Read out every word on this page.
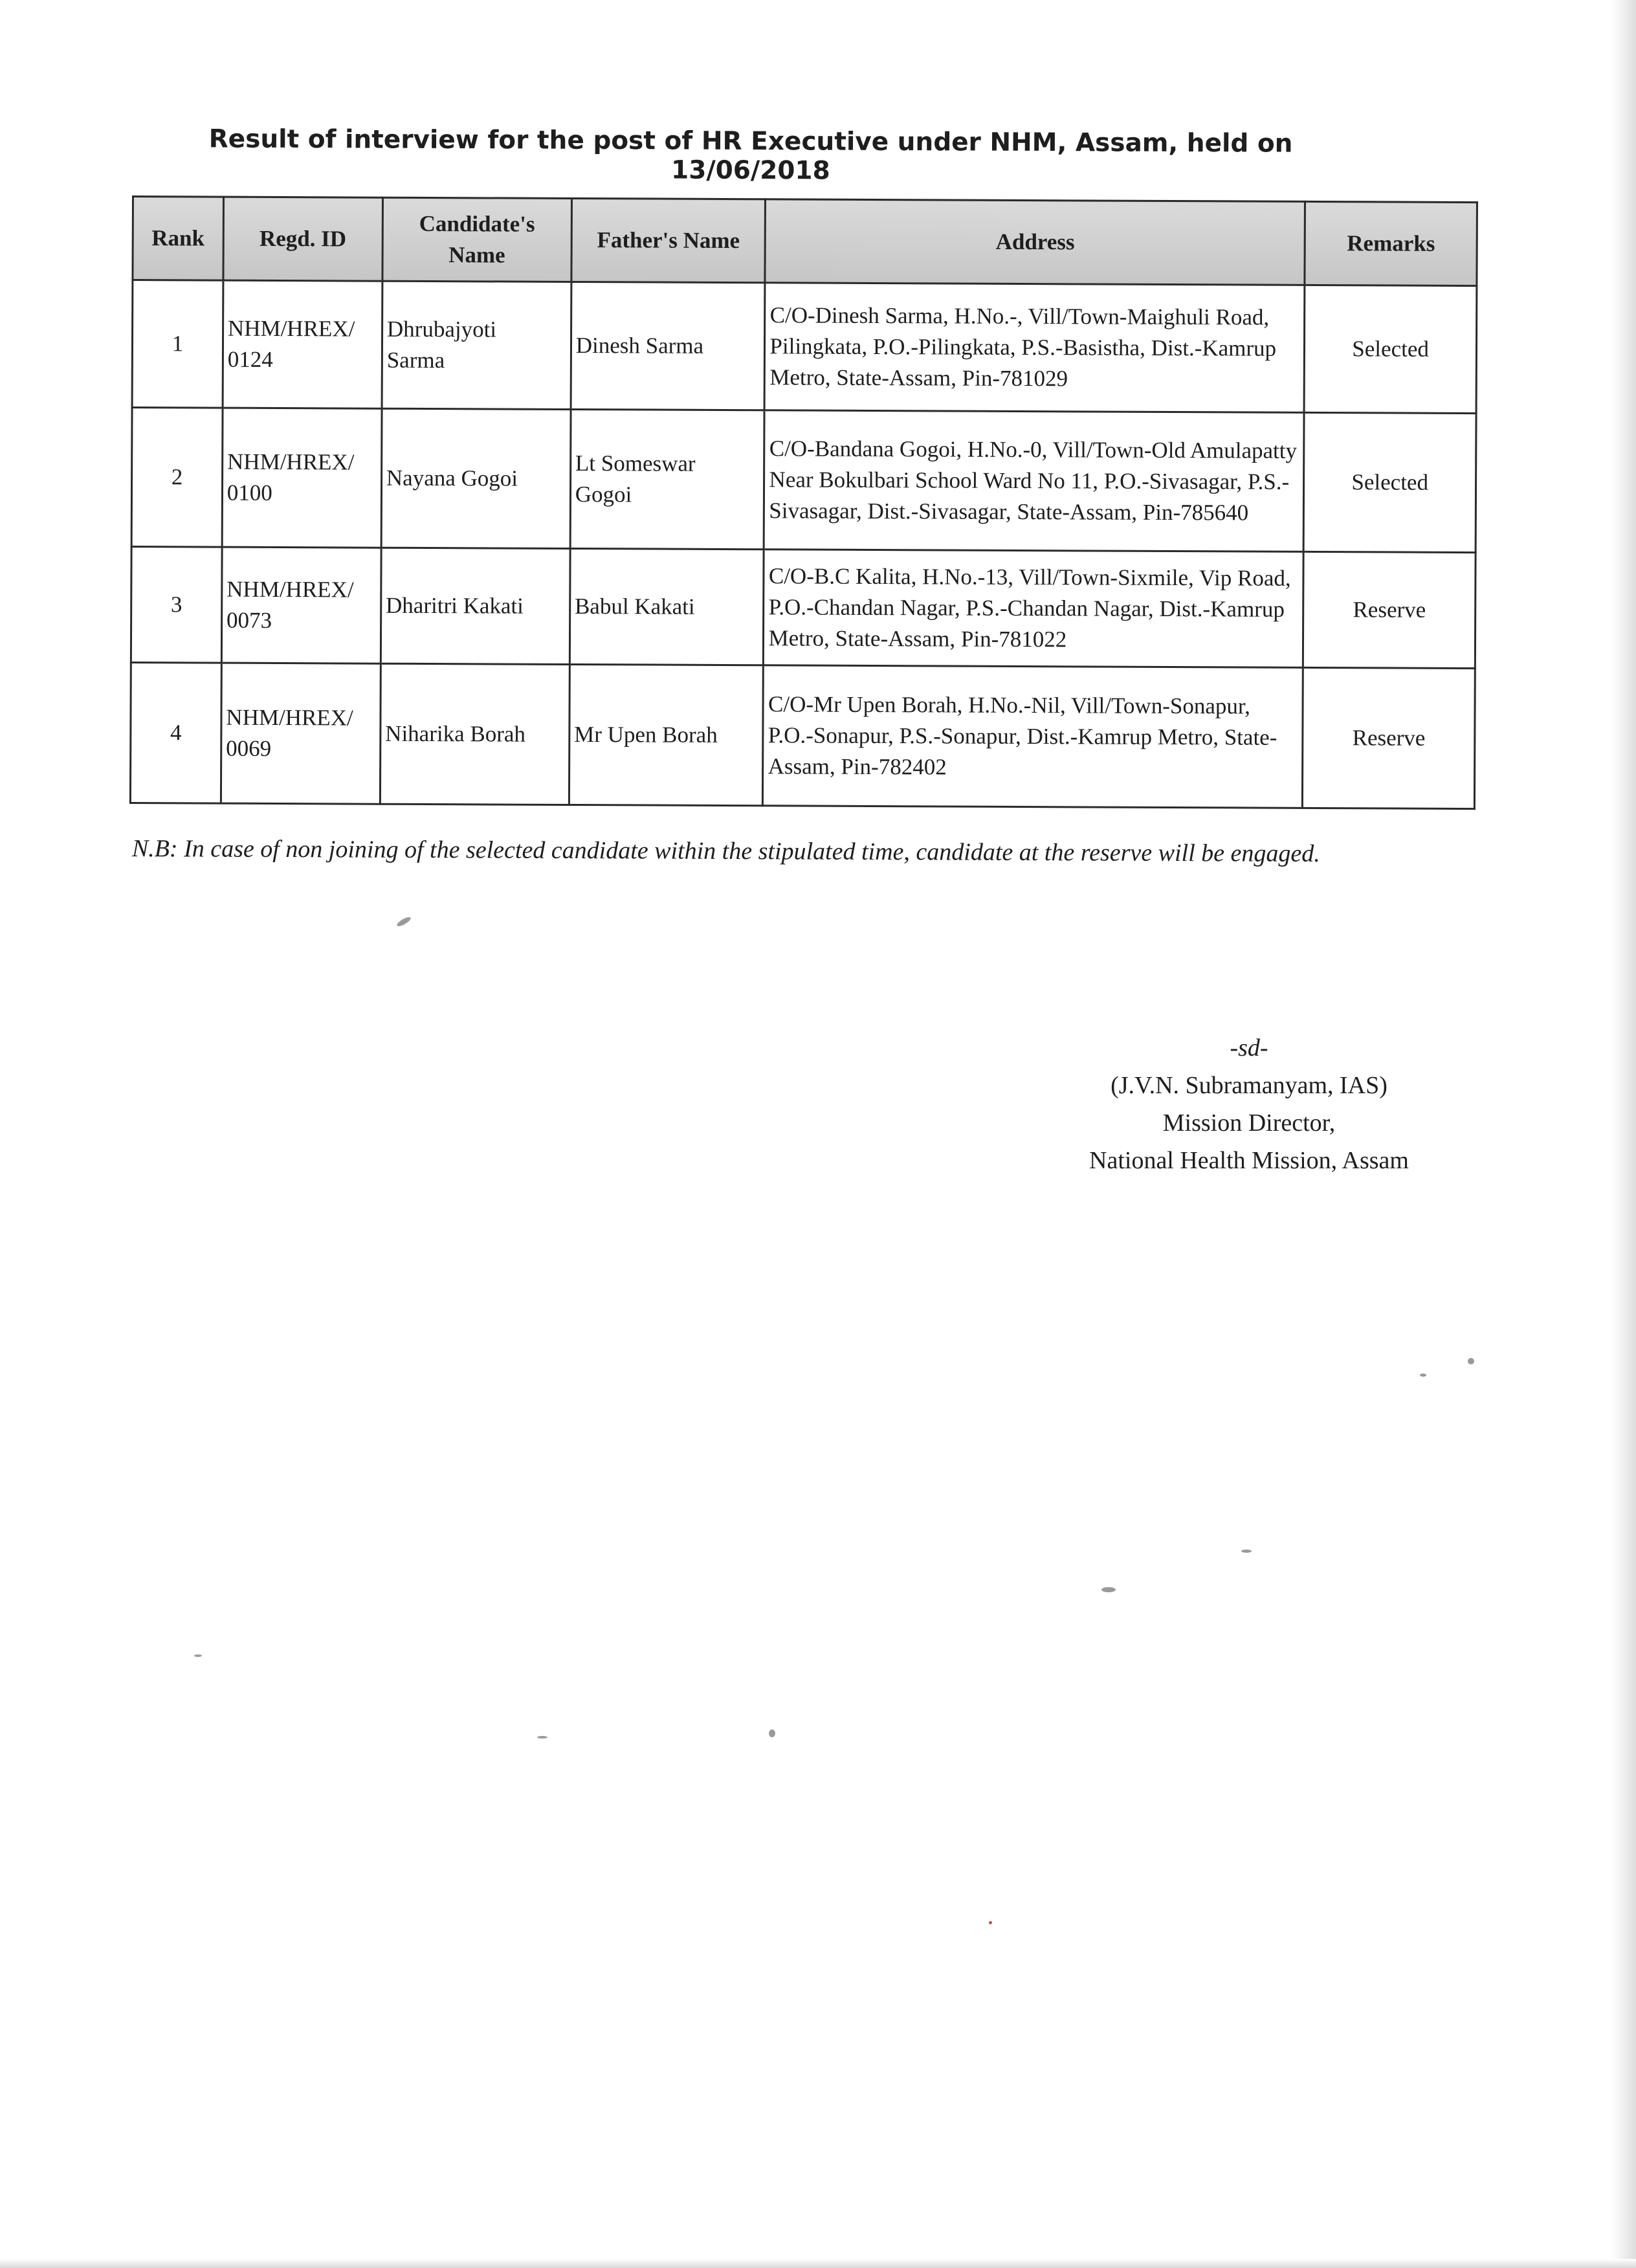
Result of interview for the post of HR Executive under NHM, Assam, held on 13/06/2018
Rank	Regd. ID	Candidate's Name	Father's Name	Address	Remarks
1	NHM/HREX/ 0124	Dhrubajyoti Sarma	Dinesh Sarma	C/O-Dinesh Sarma, H.No.-, Vill/Town-Maighuli Road, Pilingkata, P.O.-Pilingkata, P.S.-Basistha, Dist.-Kamrup Metro, State-Assam, Pin-781029	Selected
2	NHM/HREX/ 0100	Nayana Gogoi	Lt Someswar Gogoi	C/O-Bandana Gogoi, H.No.-0, Vill/Town-Old Amulapatty Near Bokulbari School Ward No 11, P.O.-Sivasagar, P.S.-Sivasagar, Dist.-Sivasagar, State-Assam, Pin-785640	Selected
3	NHM/HREX/ 0073	Dharitri Kakati	Babul Kakati	C/O-B.C Kalita, H.No.-13, Vill/Town-Sixmile, Vip Road, P.O.-Chandan Nagar, P.S.-Chandan Nagar, Dist.-Kamrup Metro, State-Assam, Pin-781022	Reserve
4	NHM/HREX/ 0069	Niharika Borah	Mr Upen Borah	C/O-Mr Upen Borah, H.No.-Nil, Vill/Town-Sonapur, P.O.-Sonapur, P.S.-Sonapur, Dist.-Kamrup Metro, State-Assam, Pin-782402	Reserve
N.B: In case of non joining of the selected candidate within the stipulated time, candidate at the reserve will be engaged.
-sd-
(J.V.N. Subramanyam, IAS)
Mission Director,
National Health Mission, Assam
